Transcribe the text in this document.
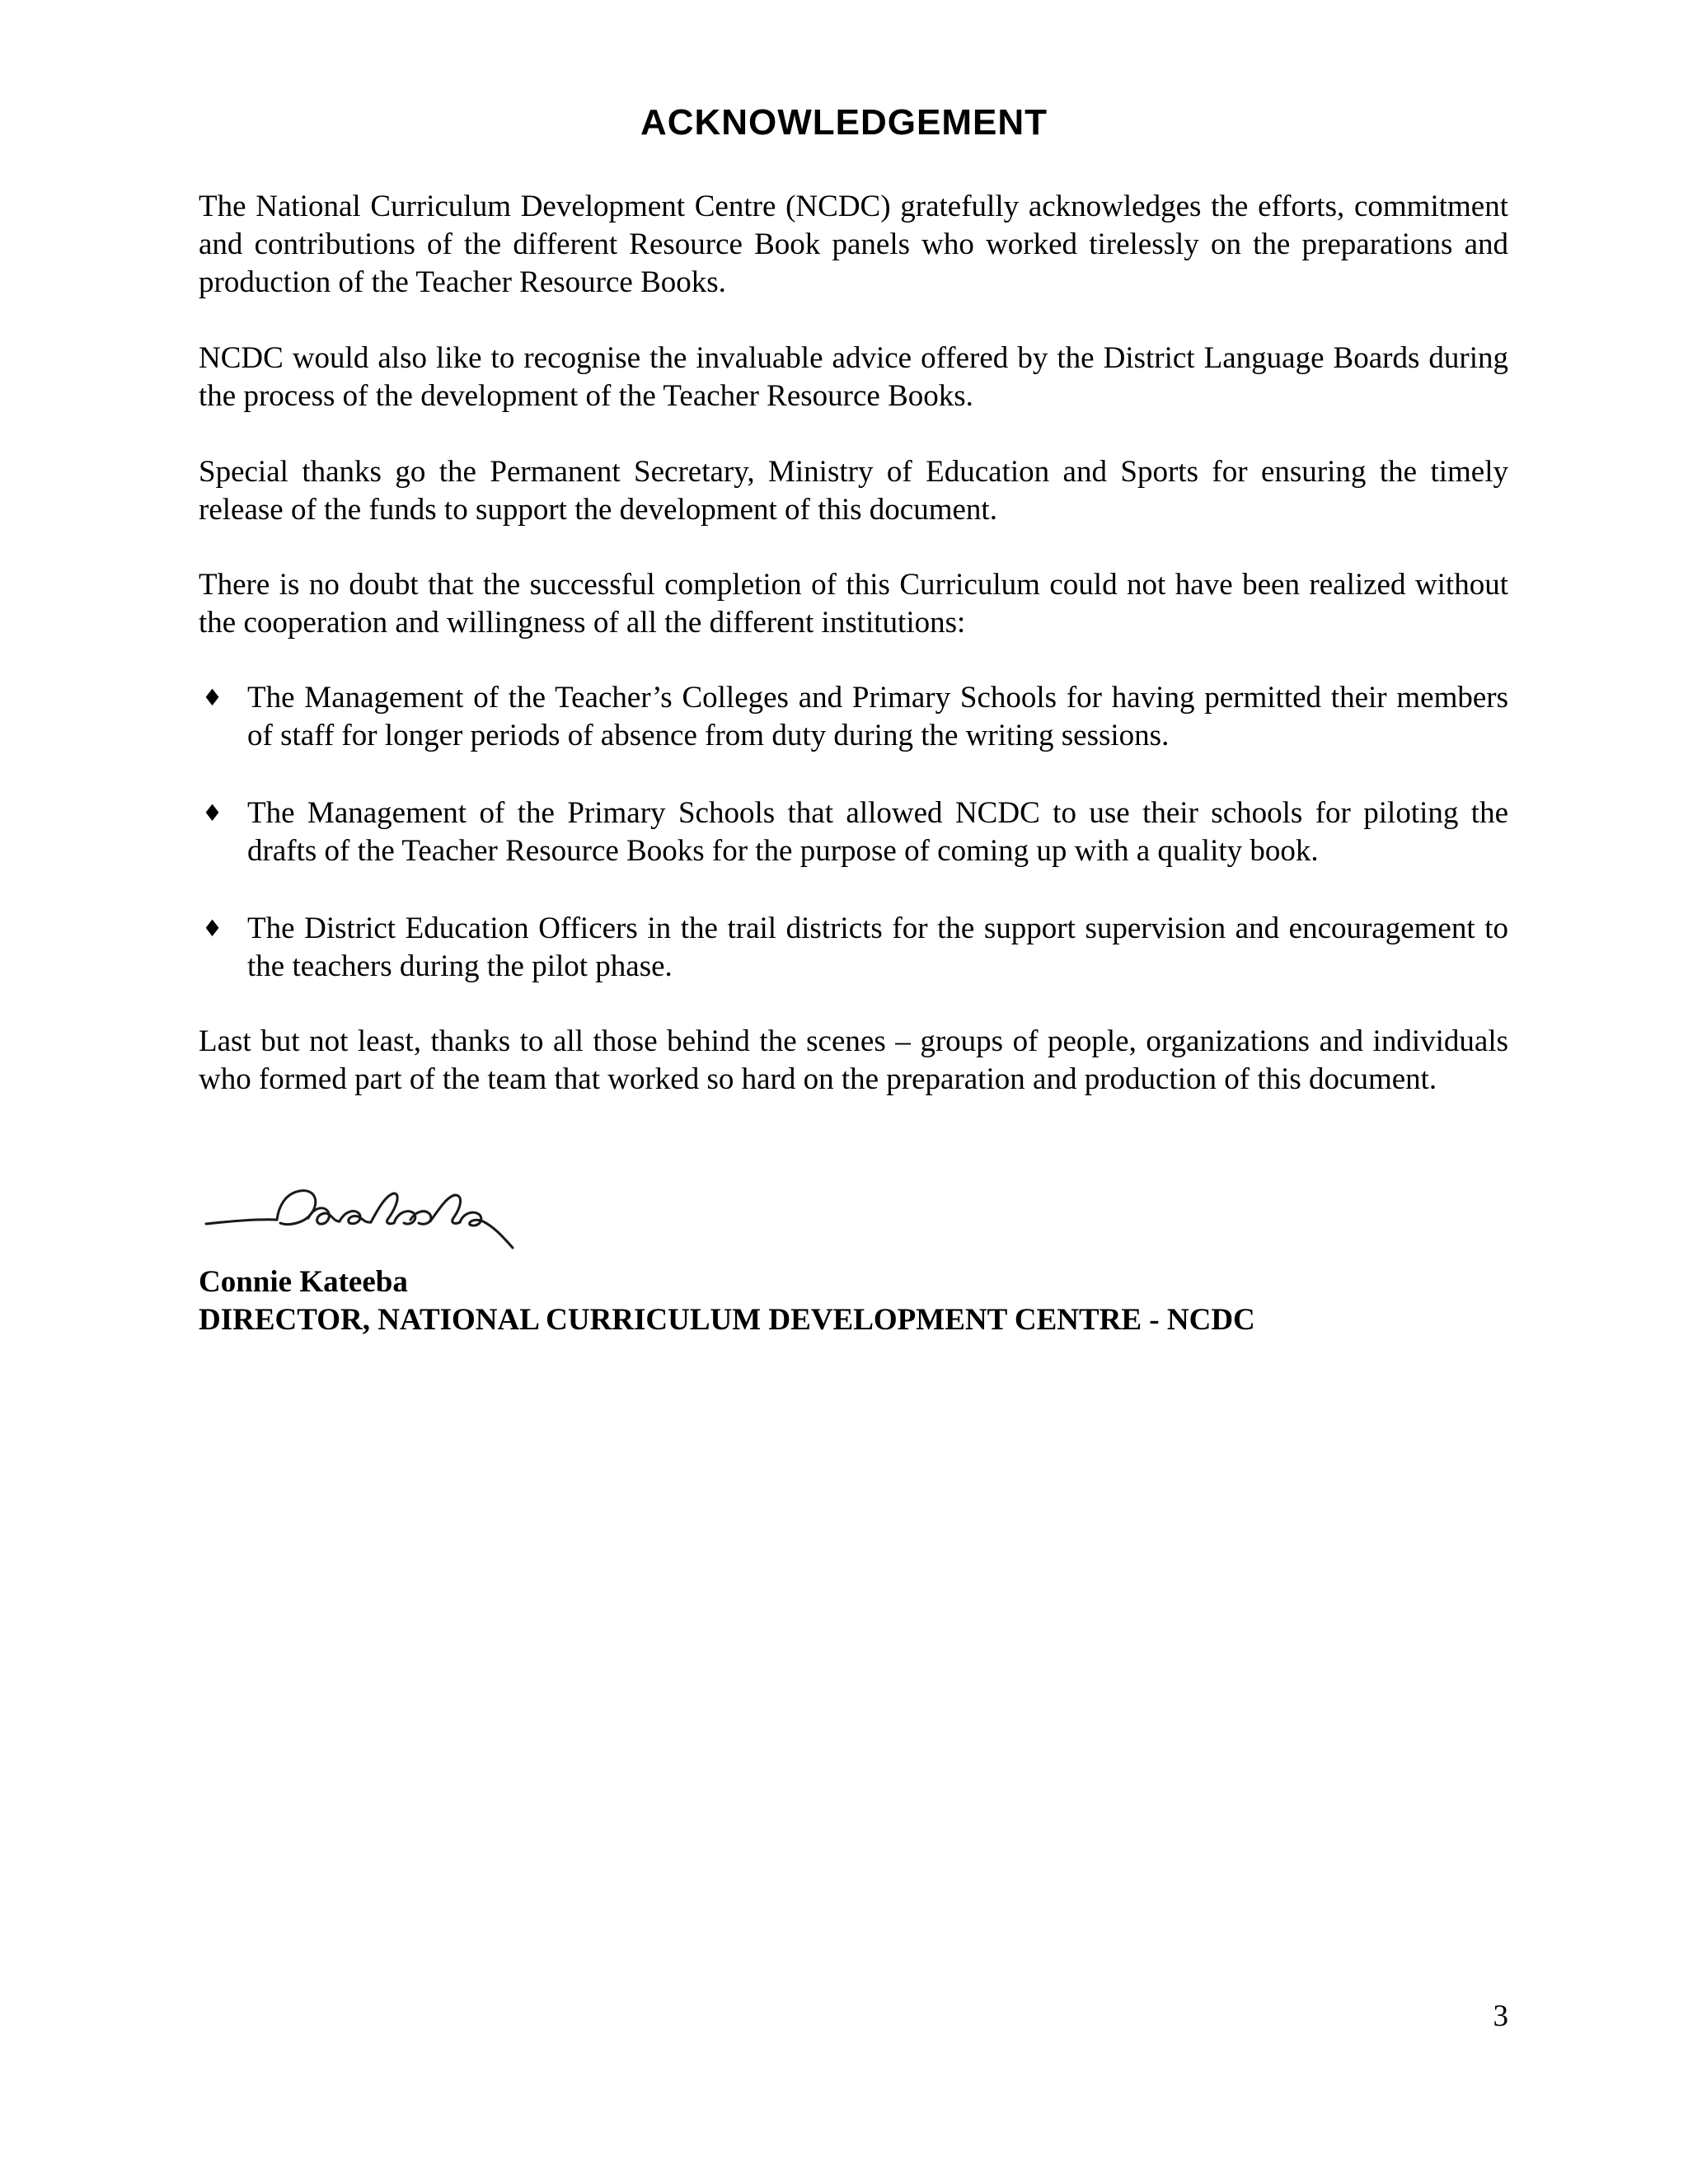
ACKNOWLEDGEMENT

The National Curriculum Development Centre (NCDC) gratefully acknowledges the efforts, commitment and contributions of the different Resource Book panels who worked tirelessly on the preparations and production of the Teacher Resource Books.

NCDC would also like to recognise the invaluable advice offered by the District Language Boards during the process of the development of the Teacher Resource Books.

Special thanks go the Permanent Secretary, Ministry of Education and Sports for ensuring the timely release of the funds to support the development of this document.

There is no doubt that the successful completion of this Curriculum could not have been realized without the cooperation and willingness of all the different institutions:

♦ The Management of the Teacher’s Colleges and Primary Schools for having permitted their members of staff for longer periods of absence from duty during the writing sessions.
♦ The Management of the Primary Schools that allowed NCDC to use their schools for piloting the drafts of the Teacher Resource Books for the purpose of coming up with a quality book.
♦ The District Education Officers in the trail districts for the support supervision and encouragement to the teachers during the pilot phase.

Last but not least, thanks to all those behind the scenes – groups of people, organizations and individuals who formed part of the team that worked so hard on the preparation and production of this document.

Connie Kateeba

DIRECTOR, NATIONAL CURRICULUM DEVELOPMENT CENTRE - NCDC

3
